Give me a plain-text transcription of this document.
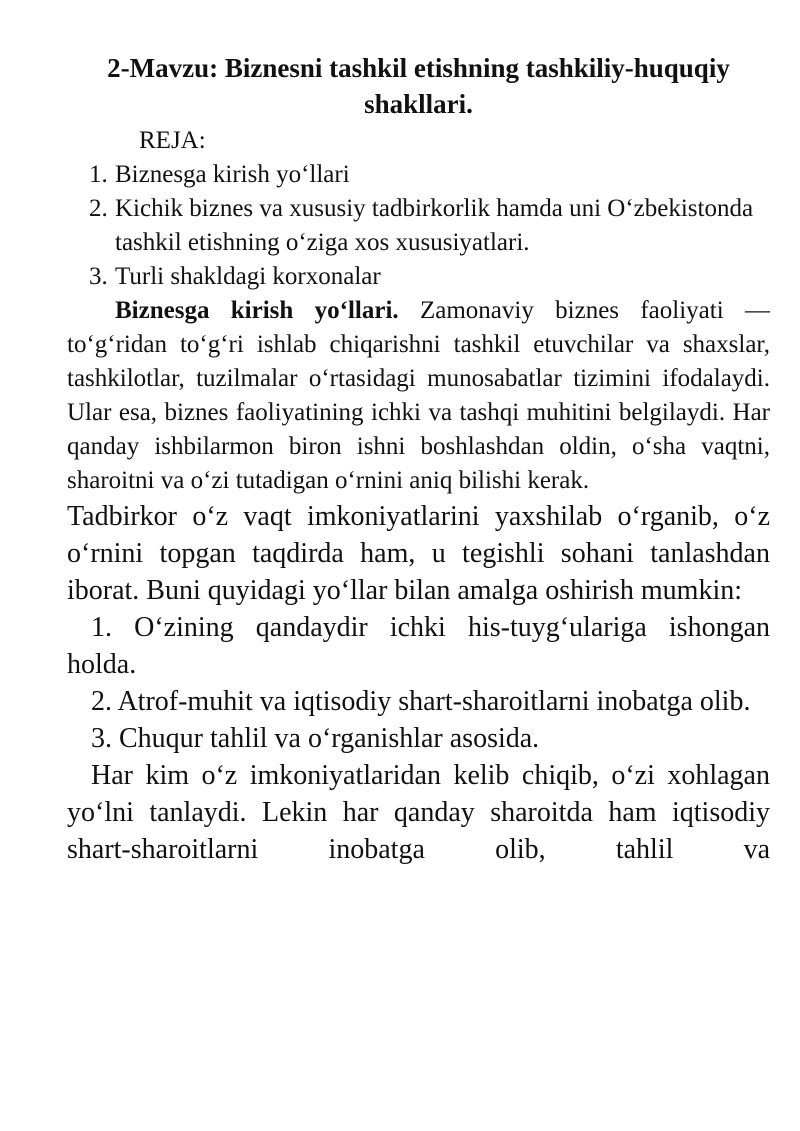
2-Mavzu: Biznesni tashkil etishning tashkiliy-huquqiy
shakllari.
REJA:
1. Biznesga kirish yo‘llari
2. Kichik biznes va xususiy tadbirkorlik hamda uni O‘zbekistonda tashkil etishning o‘ziga xos xususiyatlari.
3. Turli shakldagi korxonalar

Biznesga kirish yo‘llari. Zamonaviy biznes faoliyati — to‘g‘ridan to‘g‘ri ishlab chiqarishni tashkil etuvchilar va shaxslar, tashkilotlar, tuzilmalar o‘rtasidagi munosabatlar tizimini ifodalaydi. Ular esa, biznes faoliyatining ichki va tashqi muhitini belgilaydi. Har qanday ishbilarmon biron ishni boshlashdan oldin, o‘sha vaqtni, sharoitni va o‘zi tutadigan o‘rnini aniq bilishi kerak.

Tadbirkor o‘z vaqt imkoniyatlarini yaxshilab o‘rganib, o‘z o‘rnini topgan taqdirda ham, u tegishli sohani tanlashdan iborat. Buni quyidagi yo‘llar bilan amalga oshirish mumkin:

1. O‘zining qandaydir ichki his-tuyg‘ulariga ishongan holda.

2. Atrof-muhit va iqtisodiy shart-sharoitlarni inobatga olib.

3. Chuqur tahlil va o‘rganishlar asosida.

Har kim o‘z imkoniyatlaridan kelib chiqib, o‘zi xohlagan yo‘lni tanlaydi. Lekin har qanday sharoitda ham iqtisodiy shart-sharoitlarni inobatga olib, tahlil va
